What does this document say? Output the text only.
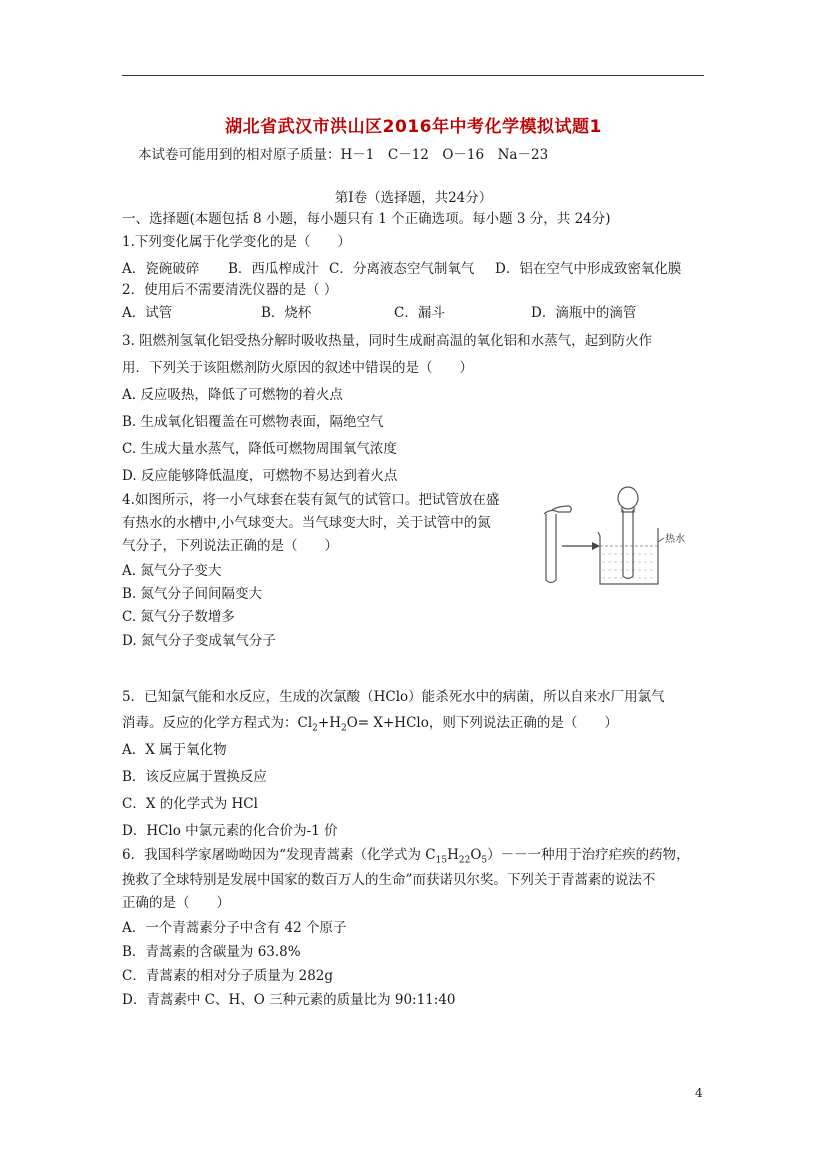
湖北省武汉市洪山区2016年中考化学模拟试题1
本试卷可能用到的相对原子质量：H－1　C－12　O－16　Na－23
第Ⅰ卷（选择题，共24分）
一、选择题(本题包括 8 小题，每小题只有 1 个正确选项。每小题 3 分，共 24分)
1.下列变化属于化学变化的是（　　）
A．瓷碗破碎	B．西瓜榨成汁 C．分离液态空气制氧气	D．铝在空气中形成致密氧化膜
2．使用后不需要清洗仪器的是（ ）
A．试管	B．烧杯	C．漏斗	D．滴瓶中的滴管
3. 阻燃剂氢氧化铝受热分解时吸收热量，同时生成耐高温的氧化铝和水蒸气，起到防火作
用．下列关于该阻燃剂防火原因的叙述中错误的是（　　）
A. 反应吸热，降低了可燃物的着火点
B. 生成氧化铝覆盖在可燃物表面，隔绝空气
C. 生成大量水蒸气，降低可燃物周围氧气浓度
D. 反应能够降低温度，可燃物不易达到着火点
4.如图所示，将一小气球套在装有氮气的试管口。把试管放在盛
有热水的水槽中,小气球变大。当气球变大时，关于试管中的氮
气分子，下列说法正确的是（　　）
A. 氮气分子变大
B. 氮气分子间间隔变大
C. 氮气分子数增多
D. 氮气分子变成氧气分子
热水
5．已知氯气能和水反应，生成的次氯酸（HClo）能杀死水中的病菌，所以自来水厂用氯气
消毒。反应的化学方程式为：$Cl_2+H_2O=$ X+HClo，则下列说法正确的是（　　）
A．X 属于氧化物
B．该反应属于置换反应
C．X 的化学式为 HCl
D．HClo 中氯元素的化合价为-1 价
6．我国科学家屠呦呦因为“发现青蒿素（化学式为 $C_{15}H_{22}O_5)--$一种用于治疗疟疾的药物，
挽救了全球特别是发展中国家的数百万人的生命”而获诺贝尔奖。下列关于青蒿素的说法不
正确的是（　　）
A．一个青蒿素分子中含有 42 个原子
B．青蒿素的含碳量为 63.8%
C．青蒿素的相对分子质量为 282g
D．青蒿素中 C、H、O 三种元素的质量比为 90:11:40
4
